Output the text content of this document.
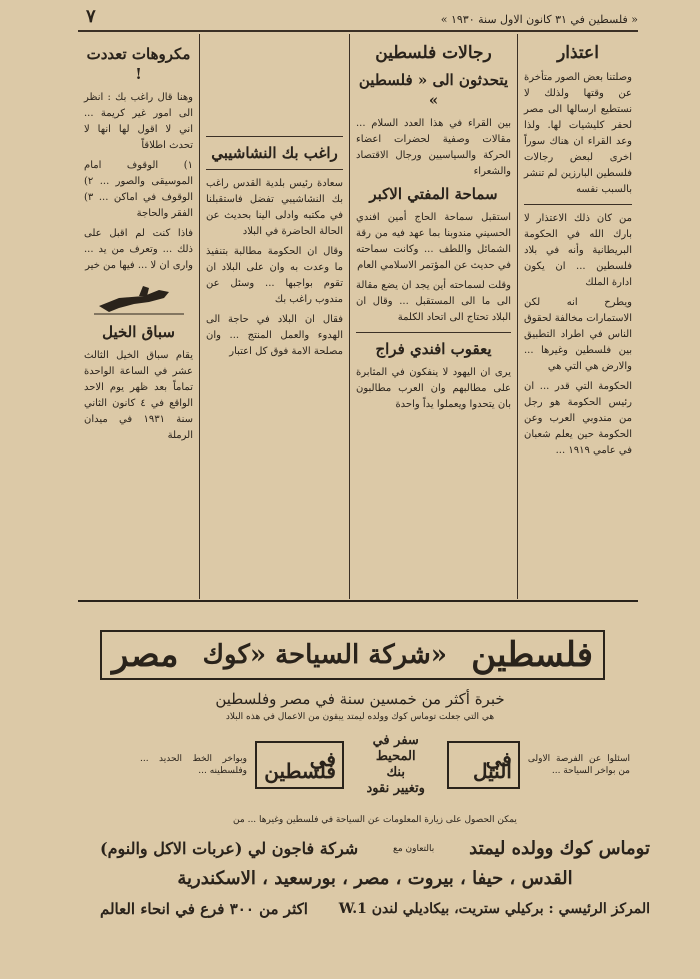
« فلسطين في ٣١ كانون الاول سنة ١٩٣٠ »
٧
اعتذار

وصلتنا بعض الصور متأخرة عن وقتها ولذلك لا نستطيع ارسالها الى مصر لحفر كليشيات لها. ولذا وعد القراء ان هناك سوراً اخرى لبعض رجالات فلسطين البارزين لم تنشر بالسبب نفسه

من كان ذلك الاعتذار لا بارك الله في الحكومة البريطانية وأنه في بلاد فلسطين ... ان يكون ادارة الملك

ويطرح انه لكن الاستمارات مخالفة لحقوق الناس في اطراد التطبيق بين فلسطين وغيرها ... والارض هي التي هي

الحكومة التي قدر ... ان رئيس الحكومة هو رجل من مندوبي العرب وعن الحكومة حين يعلم شعبان في عامي ١٩١٩ ...

رجالات فلسطين
يتحدثون الى « فلسطين »

بين القراء في هذا العدد السلام ... مقالات وصفية لحضرات اعضاء الحركة والسياسيين ورجال الاقتصاد والشعراء

سماحة المفتي الاكبر

استقبل سماحة الحاج أمين افندي الحسيني مندوبنا بما عهد فيه من رقة الشمائل واللطف ... وكانت سماحته في حديث عن المؤتمر الاسلامي العام

وقلت لسماحته أين يجد ان يضع مقالة الى ما الى المستقبل ... وقال ان البلاد تحتاج الى اتحاد الكلمة

يعقوب افندي فراج

يرى ان اليهود لا ينفكون في المثابرة على مطالبهم وان العرب مطالبون بان يتحدوا ويعملوا يداً واحدة

راغب بك النشاشيبي

سعادة رئيس بلدية القدس راغب بك النشاشيبي تفضل فاستقبلنا في مكتبه وادلى الينا بحديث عن الحالة الحاضرة في البلاد

وقال ان الحكومة مطالبة بتنفيذ ما وعدت به وان على البلاد ان تقوم بواجبها ... وسئل عن مندوب راغب بك

فقال ان البلاد في حاجة الى الهدوء والعمل المنتج ... وان مصلحة الامة فوق كل اعتبار

مكروهات تعددت !

وهنا قال راغب بك : انظر الى امور غير كريمة ... اني لا اقول لها انها لا تحدث اطلاقاً

١) الوقوف امام الموسيقى والصور ... ٢) الوقوف في اماكن ... ٣) الفقر والحاجة

فاذا كنت لم اقبل على ذلك ... وتعرف من يد ... وارى ان لا ... فيها من خير

سباق الخيل

يقام سباق الخيل الثالث عشر في الساعة الواحدة تماماً بعد ظهر يوم الاحد الواقع في ٤ كانون الثاني سنة ١٩٣١ في ميدان الرملة

مصر شركة السياحة «كوك» فلسطين
خبرة أكثر من خمسين سنة في مصر وفلسطين
هي التي جعلت توماس كوك وولده ليمتد يبقون من الاعمال في هذه البلاد
اسئلوا عن الفرصة الاولى من بواخر السياحة ...
في النيل
سفر في المحيط
بنك
وتغيير نقود
في فلسطين
وبواخر الخط الحديد ... وفلسطينه ...
يمكن الحصول على زيارة المعلومات عن السياحة في فلسطين وغيرها ... من
توماس كوك وولده ليمتد
بالتعاون مع
شركة فاجون لي (عربات الاكل والنوم)
القدس ، حيفا ، بيروت ، مصر ، بورسعيد ، الاسكندرية
المركز الرئيسي : بركيلي ستريت، بيكاديلي لندن W.1
اكثر من ٣٠٠ فرع في انحاء العالم
